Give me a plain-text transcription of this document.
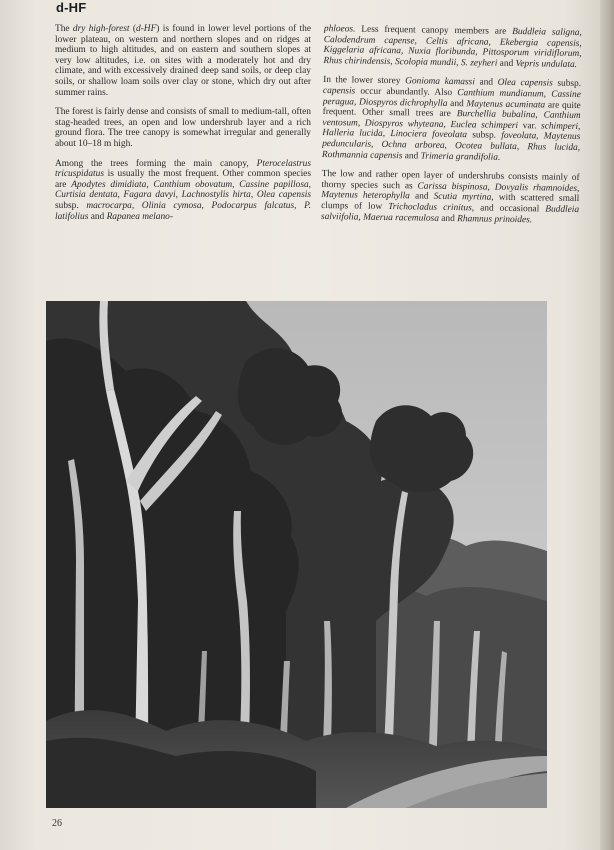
d-HF

The dry high-forest (d-HF) is found in lower level portions of the lower plateau, on western and northern slopes and on ridges at medium to high altitudes, and on eastern and southern slopes at very low altitudes, i.e. on sites with a moderately hot and dry climate, and with excessively drained deep sand soils, or deep clay soils, or shallow loam soils over clay or stone, which dry out after summer rains.

The forest is fairly dense and consists of small to medium-tall, often stag-headed trees, an open and low undershrub layer and a rich ground flora. The tree canopy is somewhat irregular and generally about 10–18 m high.

Among the trees forming the main canopy, Pterocelastrus tricuspidatus is usually the most frequent. Other common species are Apodytes dimidiata, Canthium obovatum, Cassine papillosa, Curtisia dentata, Fagara davyi, Lachnostylis hirta, Olea capensis subsp. macrocarpa, Olinia cymosa, Podocarpus falcatus, P. latifolius and Rapanea melano-

phloeos. Less frequent canopy members are Buddleia saligna, Calodendrum capense, Celtis africana, Ekebergia capensis, Kiggelaria africana, Nuxia floribunda, Pittosporum viridiflorum, Rhus chirindensis, Scolopia mundii, S. zeyheri and Vepris undulata.

In the lower storey Gonioma kamassi and Olea capensis subsp. capensis occur abundantly. Also Canthium mundianum, Cassine peragua, Diospyros dichrophylla and Maytenus acuminata are quite frequent. Other small trees are Burchellia bubalina, Canthium ventosum, Diospyros whyteana, Euclea schimperi var. schimperi, Halleria lucida, Linociera foveolata subsp. foveolata, Maytenus peduncularis, Ochna arborea, Ocotea bullata, Rhus lucida, Rothmannia capensis and Trimeria grandifolia.

The low and rather open layer of undershrubs consists mainly of thorny species such as Carissa bispinosa, Dovyalis rhamnoides, Maytenus heterophylla and Scutia myrtina, with scattered small clumps of low Trichocladus crinitus, and occasional Buddleia salviifolia, Maerua racemulosa and Rhamnus prinoides.

26
